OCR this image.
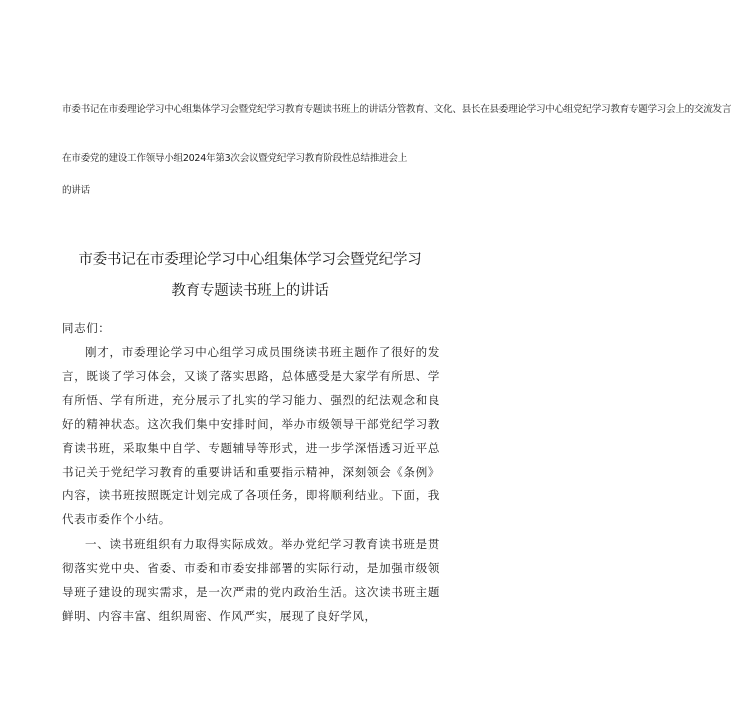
市委书记在市委理论学习中心组集体学习会暨党纪学习教育专题读书班上的讲话分管教育、文化、县长在县委理论学习中心组党纪学习教育专题学习会上的交流发言
在市委党的建设工作领导小组2024年第3次会议暨党纪学习教育阶段性总结推进会上
的讲话
市委书记在市委理论学习中心组集体学习会暨党纪学习
教育专题读书班上的讲话

同志们：

刚才，市委理论学习中心组学习成员围绕读书班主题作了很好的发言，既谈了学习体会，又谈了落实思路，总体感受是大家学有所思、学有所悟、学有所进，充分展示了扎实的学习能力、强烈的纪法观念和良好的精神状态。这次我们集中安排时间，举办市级领导干部党纪学习教育读书班，采取集中自学、专题辅导等形式，进一步学深悟透习近平总书记关于党纪学习教育的重要讲话和重要指示精神，深刻领会《条例》内容，读书班按照既定计划完成了各项任务，即将顺利结业。下面，我代表市委作个小结。

一、读书班组织有力取得实际成效。举办党纪学习教育读书班是贯彻落实党中央、省委、市委和市委安排部署的实际行动，是加强市级领导班子建设的现实需求，是一次严肃的党内政治生活。这次读书班主题鲜明、内容丰富、组织周密、作风严实，展现了良好学风，
